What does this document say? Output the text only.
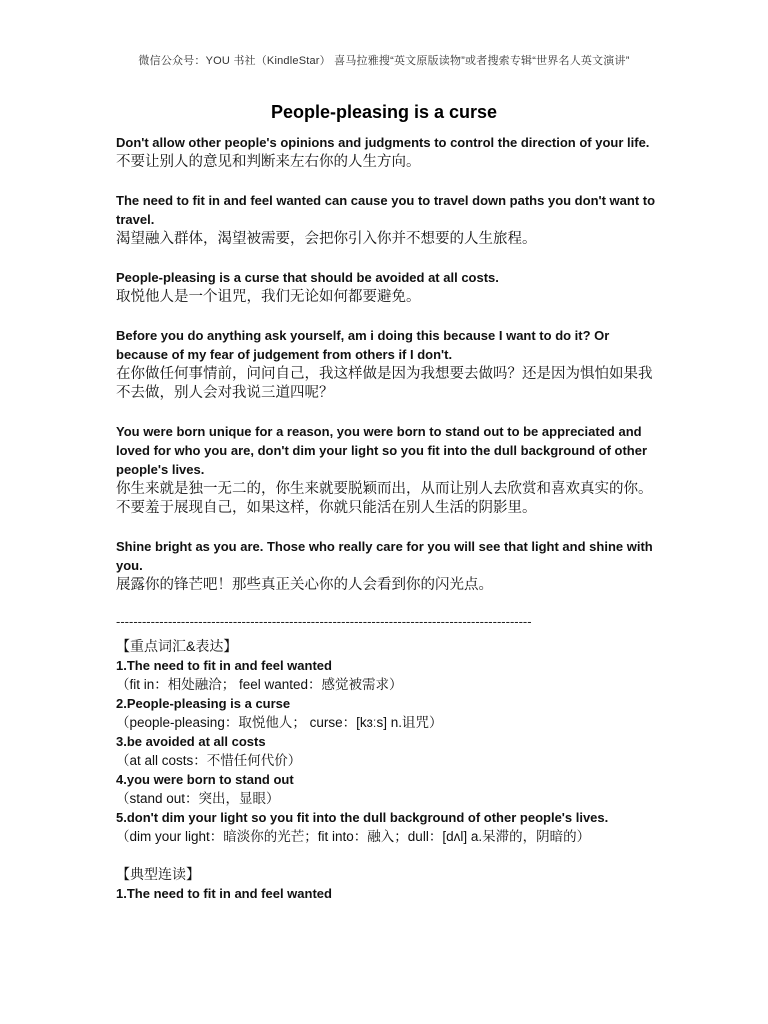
微信公众号：YOU 书社（KindleStar） 喜马拉雅搜“英文原版读物”或者搜索专辑“世界名人英文演讲”
People-pleasing is a curse
Don't allow other people's opinions and judgments to control the direction of your life.
不要让别人的意见和判断来左右你的人生方向。
The need to fit in and feel wanted can cause you to travel down paths you don't want to travel.
渴望融入群体，渴望被需要，会把你引入你并不想要的人生旅程。
People-pleasing is a curse that should be avoided at all costs.
取悦他人是一个诅咒，我们无论如何都要避免。
Before you do anything ask yourself, am i doing this because I want to do it? Or because of my fear of judgement from others if I don't.
在你做任何事情前，问问自己，我这样做是因为我想要去做吗？还是因为惧怕如果我不去做，别人会对我说三道四呢？
You were born unique for a reason, you were born to stand out to be appreciated and loved for who you are, don't dim your light so you fit into the dull background of other people's lives.
你生来就是独一无二的，你生来就要脱颖而出，从而让别人去欣赏和喜欢真实的你。 不要羞于展现自己，如果这样，你就只能活在别人生活的阴影里。
Shine bright as you are. Those who really care for you will see that light and shine with you.
展露你的锋芒吧！那些真正关心你的人会看到你的闪光点。
------------------------------------------------------------------------------------------------
【重点词汇&表达】
1.The need to fit in and feel wanted
（fit in：相处融洽； feel wanted：感觉被需求）
2.People-pleasing is a curse
（people-pleasing：取悦他人； curse：[kɜːs] n.诅咒）
3.be avoided at all costs
（at all costs：不惜任何代价）
4.you were born to stand out
（stand out：突出，显眼）
5.don't dim your light so you fit into the dull background of other people's lives.
（dim your light：暗淡你的光芒；fit into：融入；dull：[dʌl] a.呆滞的，阴暗的）
【典型连读】
1.The need to fit in and feel wanted
